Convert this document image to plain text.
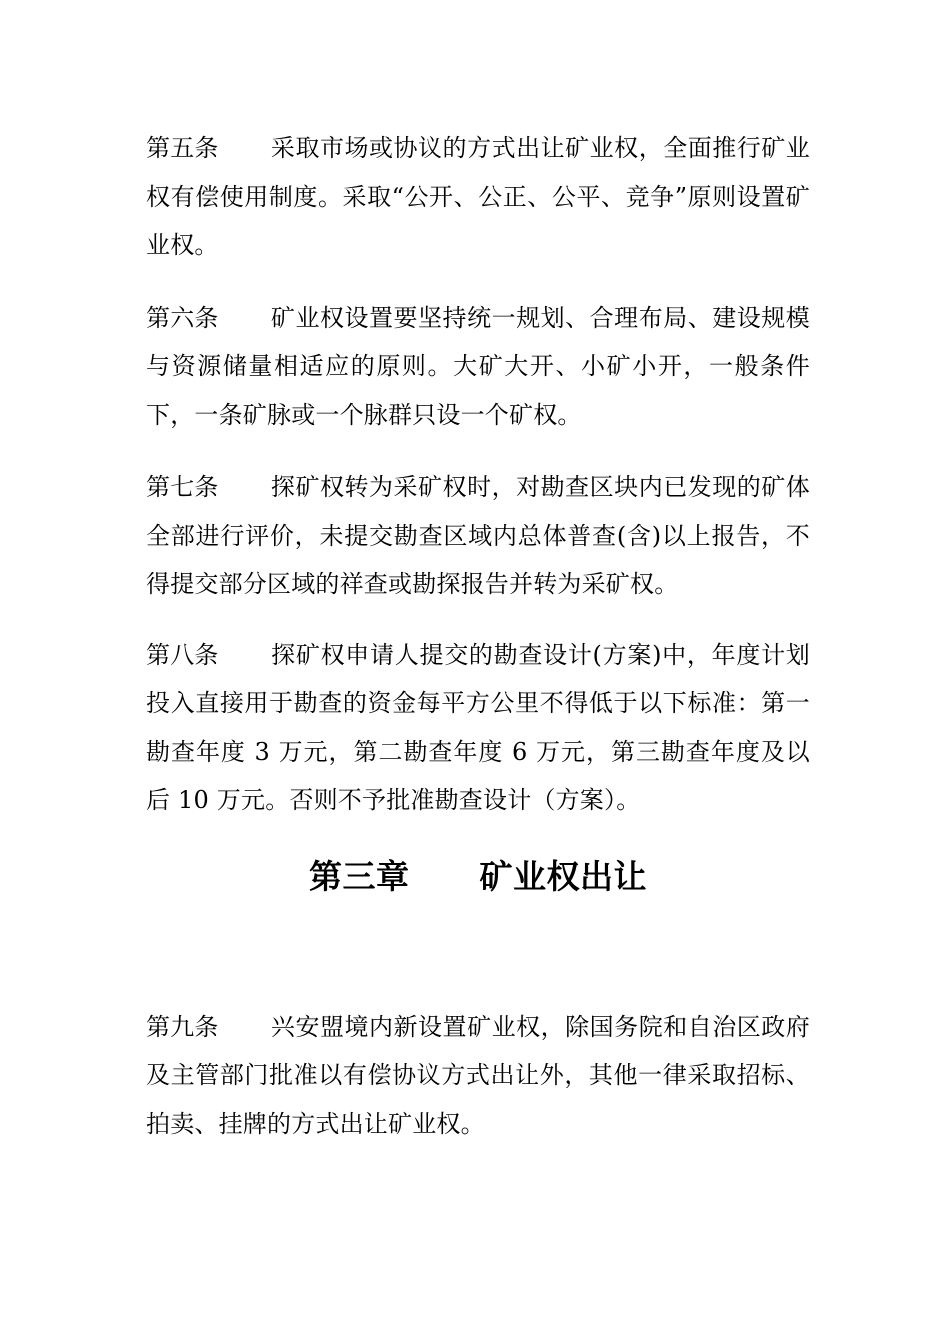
第五条 采取市场或协议的方式出让矿业权，全面推行矿业权有偿使用制度。采取“公开、公正、公平、竞争”原则设置矿业权。

第六条 矿业权设置要坚持统一规划、合理布局、建设规模与资源储量相适应的原则。大矿大开、小矿小开，一般条件下，一条矿脉或一个脉群只设一个矿权。

第七条 探矿权转为采矿权时，对勘查区块内已发现的矿体全部进行评价，未提交勘查区域内总体普查(含)以上报告，不得提交部分区域的祥查或勘探报告并转为采矿权。

第八条 探矿权申请人提交的勘查设计(方案)中，年度计划投入直接用于勘查的资金每平方公里不得低于以下标准：第一勘查年度 3 万元，第二勘查年度 6 万元，第三勘查年度及以后 10 万元。否则不予批准勘查设计（方案）。

第三章 矿业权出让

第九条 兴安盟境内新设置矿业权，除国务院和自治区政府及主管部门批准以有偿协议方式出让外，其他一律采取招标、拍卖、挂牌的方式出让矿业权。
